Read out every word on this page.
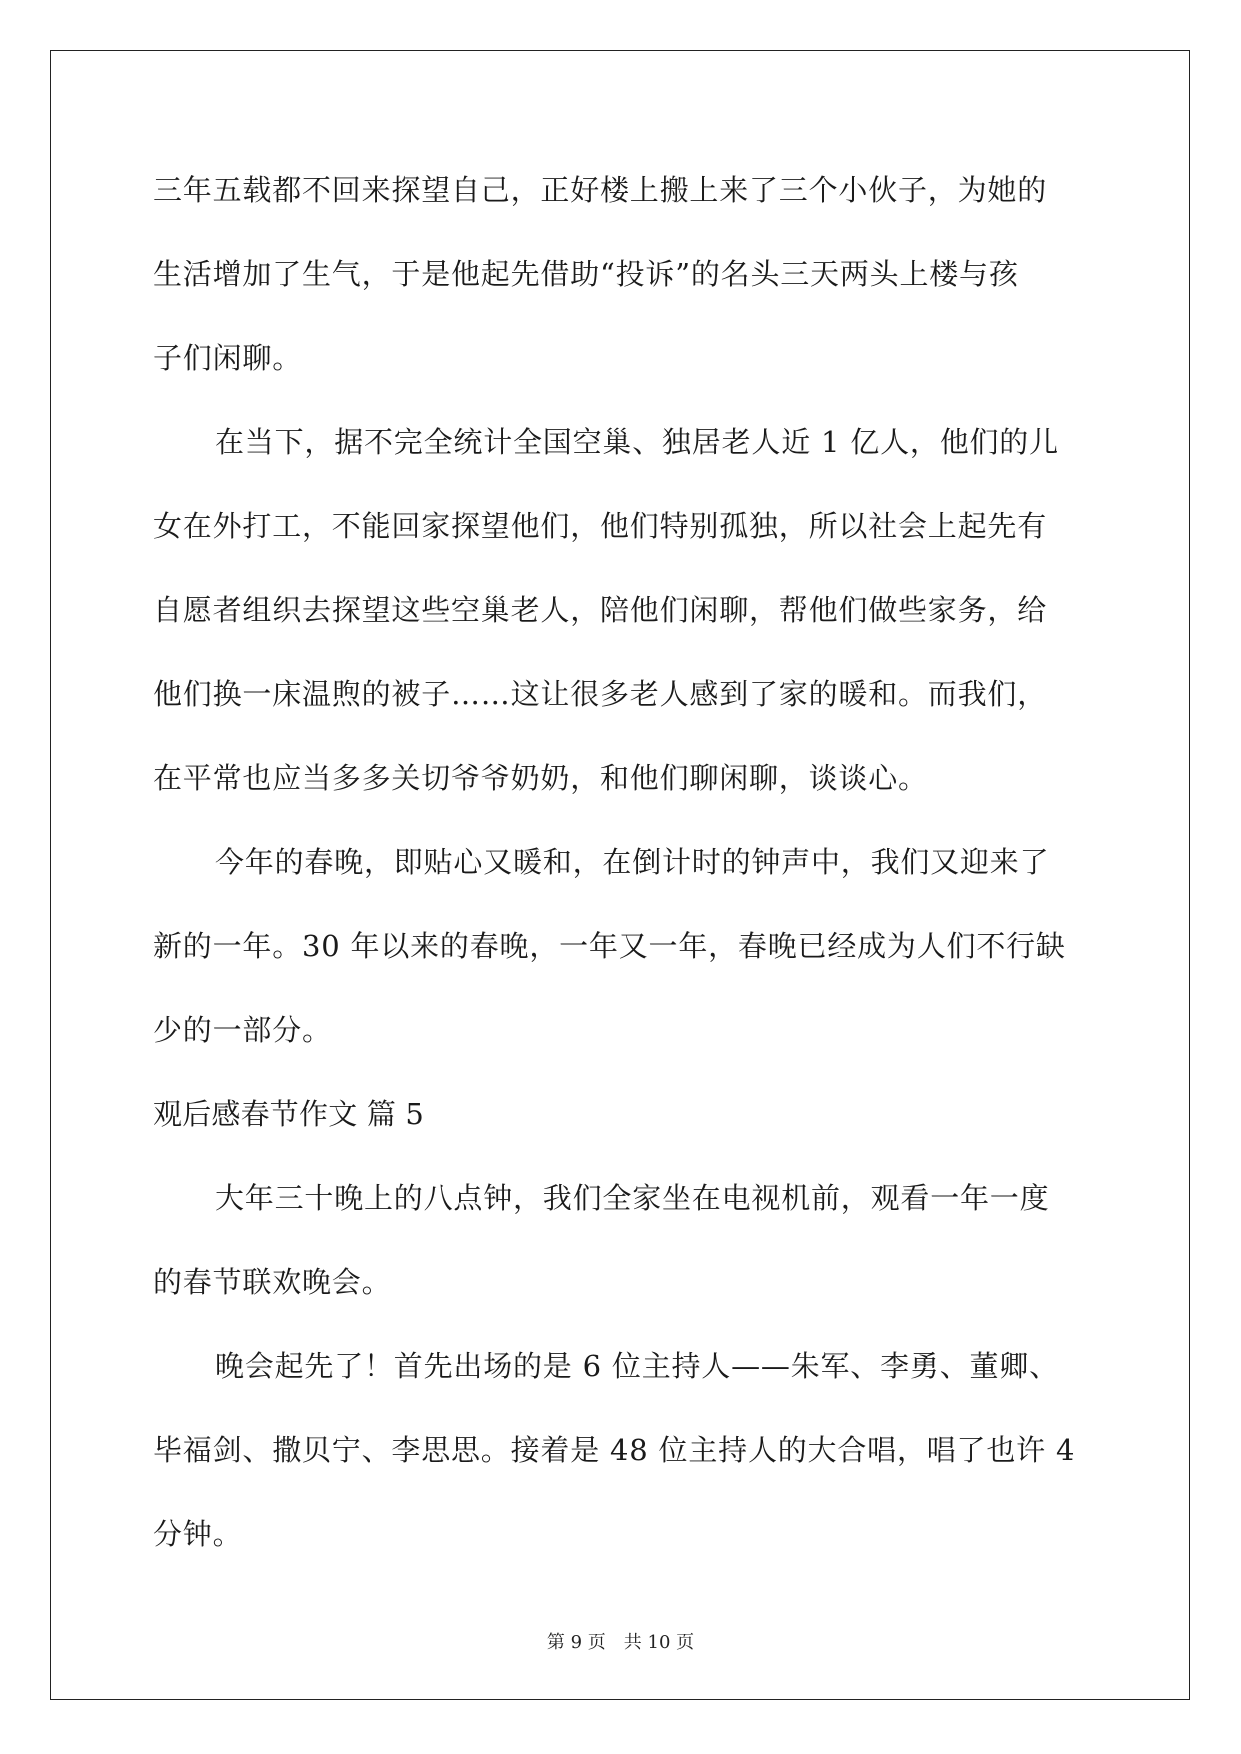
三年五载都不回来探望自己，正好楼上搬上来了三个小伙子，为她的
生活增加了生气，于是他起先借助“投诉”的名头三天两头上楼与孩
子们闲聊。
在当下，据不完全统计全国空巢、独居老人近 1 亿人，他们的儿
女在外打工，不能回家探望他们，他们特别孤独，所以社会上起先有
自愿者组织去探望这些空巢老人，陪他们闲聊，帮他们做些家务，给
他们换一床温煦的被子……这让很多老人感到了家的暖和。而我们，
在平常也应当多多关切爷爷奶奶，和他们聊闲聊，谈谈心。
今年的春晚，即贴心又暖和，在倒计时的钟声中，我们又迎来了
新的一年。30 年以来的春晚，一年又一年，春晚已经成为人们不行缺
少的一部分。
观后感春节作文 篇 5
大年三十晚上的八点钟，我们全家坐在电视机前，观看一年一度
的春节联欢晚会。
晚会起先了！首先出场的是 6 位主持人——朱军、李勇、董卿、
毕福剑、撒贝宁、李思思。接着是 48 位主持人的大合唱，唱了也许 4
分钟。
第 9 页 共 10 页
